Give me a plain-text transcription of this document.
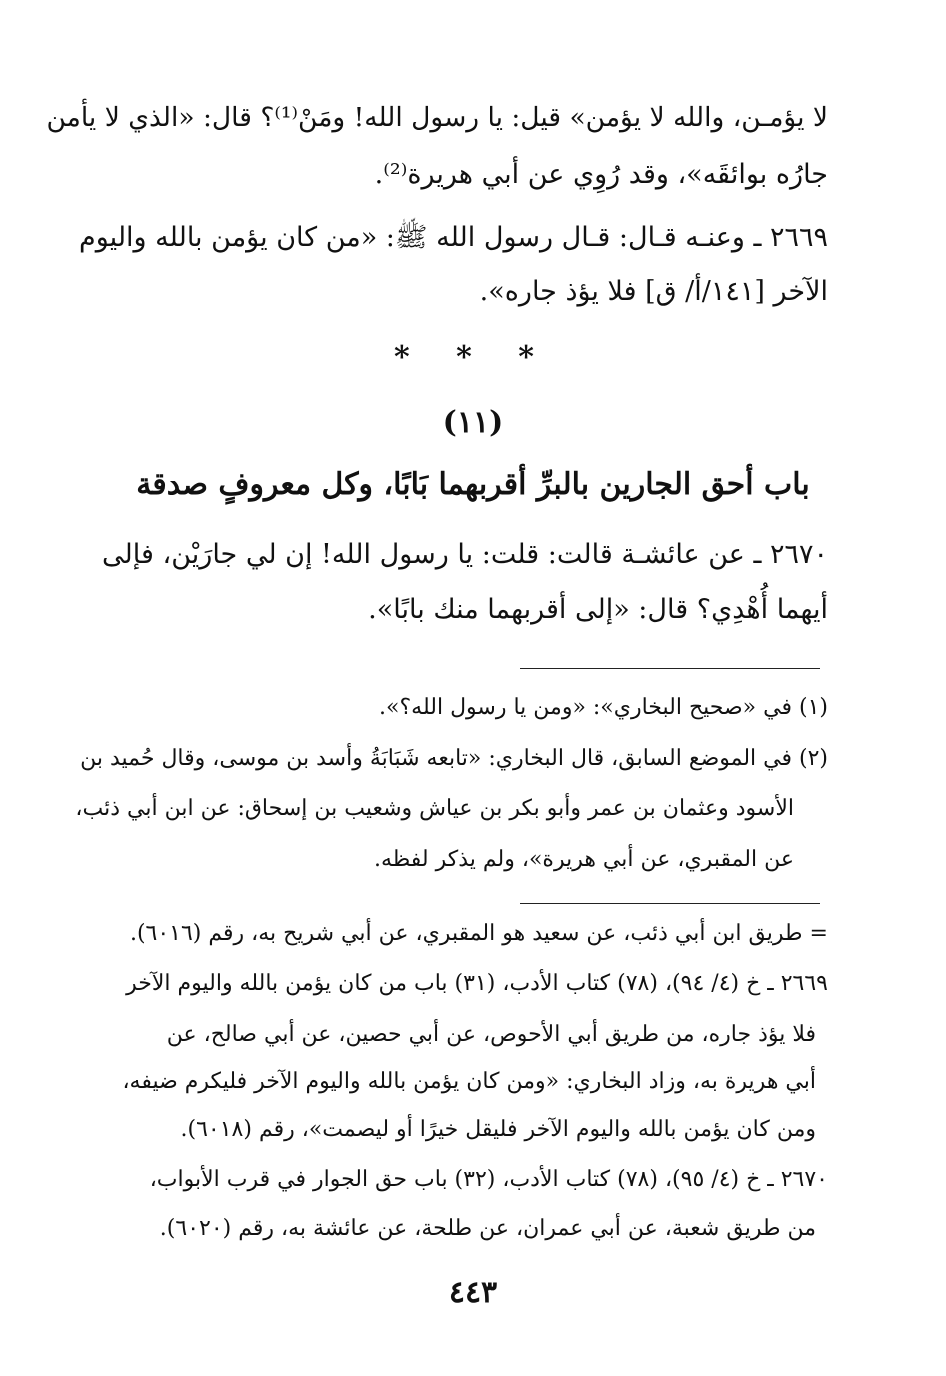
لا يؤمـن، والله لا يؤمن» قيل: يا رسول الله! ومَنْ⁽¹⁾؟ قال: «الذي لا يأمن
جارُه بوائقَه»، وقد رُوِي عن أبي هريرة⁽²⁾.
٢٦٦٩ ـ وعنـه قـال: قـال رسول الله ﷺ: «من كان يؤمن بالله واليوم
الآخر [١٤١/أ/ ق] فلا يؤذ جاره».
* * *
(١١)
باب أحق الجارين بالبرِّ أقربهما بَابًا، وكل معروفٍ صدقة
٢٦٧٠ ـ عن عائشـة قالت: قلت: يا رسول الله! إن لي جارَيْن، فإلى
أيهما أُهْدِي؟ قال: «إلى أقربهما منك بابًا».
(١) في «صحيح البخاري»: «ومن يا رسول الله؟».
(٢) في الموضع السابق، قال البخاري: «تابعه شَبَابَةُ وأسد بن موسى، وقال حُميد بن
الأسود وعثمان بن عمر وأبو بكر بن عياش وشعيب بن إسحاق: عن ابن أبي ذئب،
عن المقبري، عن أبي هريرة»، ولم يذكر لفظه.
= طريق ابن أبي ذئب، عن سعيد هو المقبري، عن أبي شريح به، رقم (٦٠١٦).
٢٦٦٩ ـ خ (٤/ ٩٤)، (٧٨) كتاب الأدب، (٣١) باب من كان يؤمن بالله واليوم الآخر
فلا يؤذ جاره، من طريق أبي الأحوص، عن أبي حصين، عن أبي صالح، عن
أبي هريرة به، وزاد البخاري: «ومن كان يؤمن بالله واليوم الآخر فليكرم ضيفه،
ومن كان يؤمن بالله واليوم الآخر فليقل خيرًا أو ليصمت»، رقم (٦٠١٨).
٢٦٧٠ ـ خ (٤/ ٩٥)، (٧٨) كتاب الأدب، (٣٢) باب حق الجوار في قرب الأبواب،
من طريق شعبة، عن أبي عمران، عن طلحة، عن عائشة به، رقم (٦٠٢٠).
٤٤٣
